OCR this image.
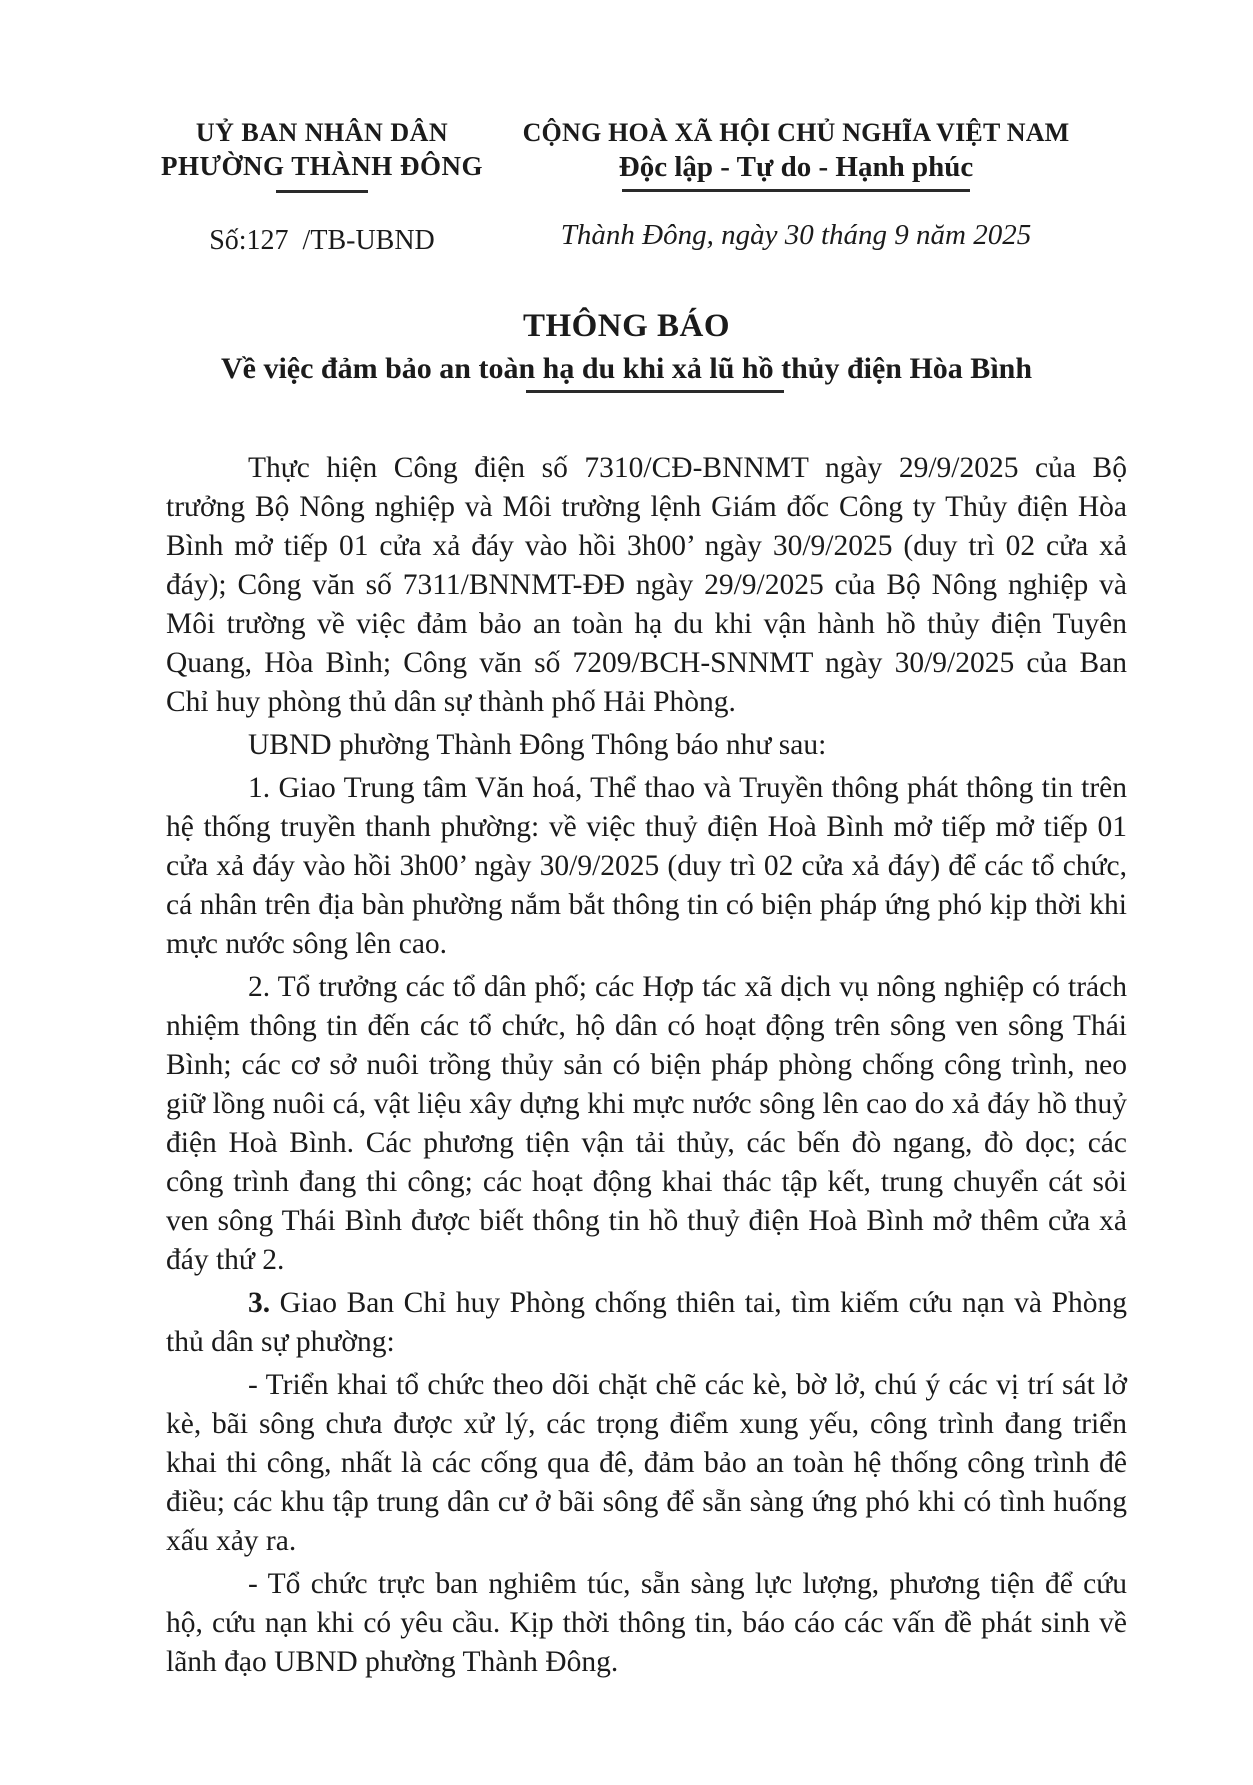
UỶ BAN NHÂN DÂN
PHƯỜNG THÀNH ĐÔNG
Số:127  /TB-UBND
CỘNG HOÀ XÃ HỘI CHỦ NGHĨA VIỆT NAM
Độc lập - Tự do - Hạnh phúc
Thành Đông, ngày 30 tháng 9 năm 2025
THÔNG BÁO
Về việc đảm bảo an toàn hạ du khi xả lũ hồ thủy điện Hòa Bình

Thực hiện Công điện số 7310/CĐ-BNNMT ngày 29/9/2025 của Bộ trưởng Bộ Nông nghiệp và Môi trường lệnh Giám đốc Công ty Thủy điện Hòa Bình mở tiếp 01 cửa xả đáy vào hồi 3h00’ ngày 30/9/2025 (duy trì 02 cửa xả đáy); Công văn số 7311/BNNMT-ĐĐ ngày 29/9/2025 của Bộ Nông nghiệp và Môi trường về việc đảm bảo an toàn hạ du khi vận hành hồ thủy điện Tuyên Quang, Hòa Bình; Công văn số 7209/BCH-SNNMT ngày 30/9/2025 của Ban Chỉ huy phòng thủ dân sự thành phố Hải Phòng.

UBND phường Thành Đông Thông báo như sau:

1. Giao Trung tâm Văn hoá, Thể thao và Truyền thông phát thông tin trên hệ thống truyền thanh phường: về việc thuỷ điện Hoà Bình mở tiếp mở tiếp 01 cửa xả đáy vào hồi 3h00’ ngày 30/9/2025 (duy trì 02 cửa xả đáy) để các tổ chức, cá nhân trên địa bàn phường nắm bắt thông tin có biện pháp ứng phó kịp thời khi mực nước sông lên cao.

2. Tổ trưởng các tổ dân phố; các Hợp tác xã dịch vụ nông nghiệp có trách nhiệm thông tin đến các tổ chức, hộ dân có hoạt động trên sông ven sông Thái Bình; các cơ sở nuôi trồng thủy sản có biện pháp phòng chống công trình, neo giữ lồng nuôi cá, vật liệu xây dựng khi mực nước sông lên cao do xả đáy hồ thuỷ điện Hoà Bình. Các phương tiện vận tải thủy, các bến đò ngang, đò dọc; các công trình đang thi công; các hoạt động khai thác tập kết, trung chuyển cát sỏi ven sông Thái Bình được biết thông tin hồ thuỷ điện Hoà Bình mở thêm cửa xả đáy thứ 2.

3. Giao Ban Chỉ huy Phòng chống thiên tai, tìm kiếm cứu nạn và Phòng thủ dân sự phường:

- Triển khai tổ chức theo dõi chặt chẽ các kè, bờ lở, chú ý các vị trí sát lở kè, bãi sông chưa được xử lý, các trọng điểm xung yếu, công trình đang triển khai thi công, nhất là các cống qua đê, đảm bảo an toàn hệ thống công trình đê điều; các khu tập trung dân cư ở bãi sông để sẵn sàng ứng phó khi có tình huống xấu xảy ra.

- Tổ chức trực ban nghiêm túc, sẵn sàng lực lượng, phương tiện để cứu hộ, cứu nạn khi có yêu cầu. Kịp thời thông tin, báo cáo các vấn đề phát sinh về lãnh đạo UBND phường Thành Đông.
